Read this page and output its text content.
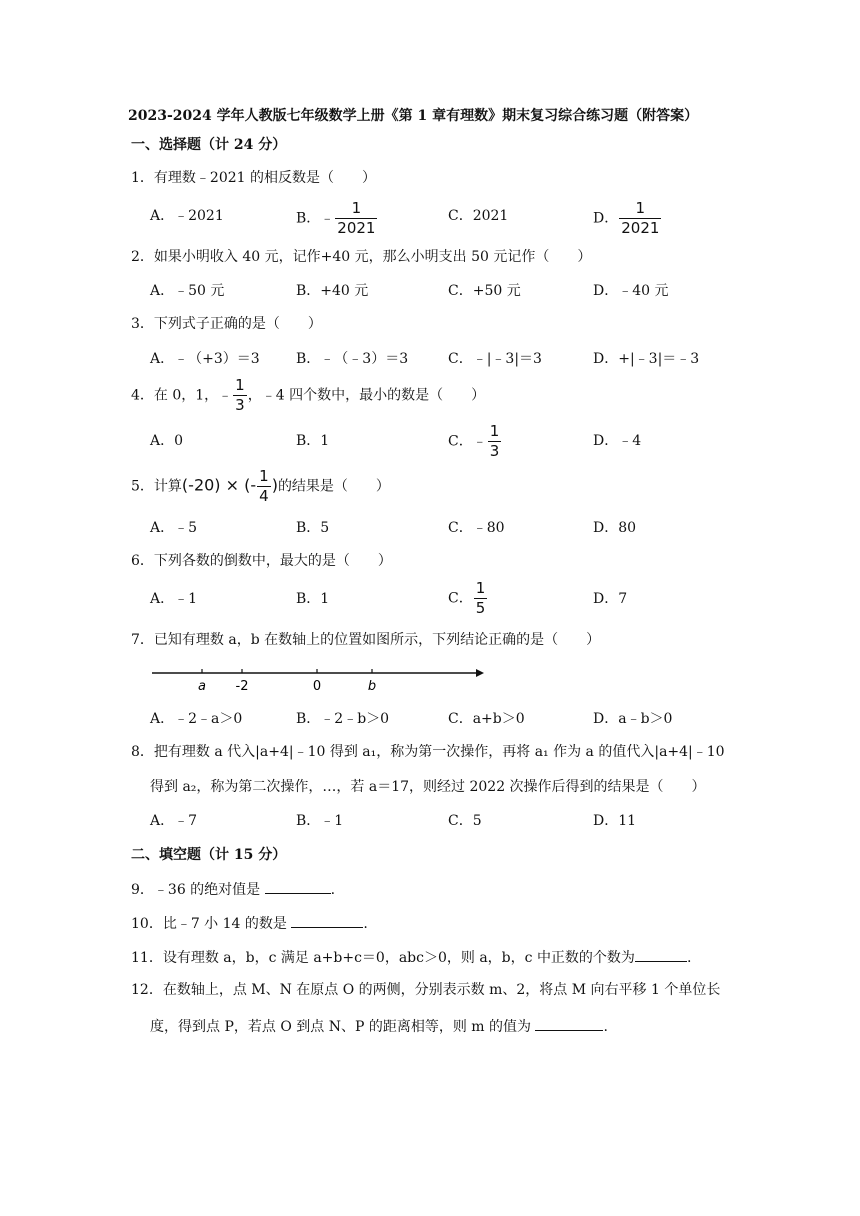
2023-2024 学年人教版七年级数学上册《第 1 章有理数》期末复习综合练习题（附答案）
一、选择题（计 24 分）
1．有理数﹣2021 的相反数是（　　）
A．﹣2021	B．﹣ $\frac{1}{2021}$	C．2021	D． $\frac{1}{2021}$
2．如果小明收入 40 元，记作+40 元，那么小明支出 50 元记作（　　）
A．﹣50 元	B．+40 元	C．+50 元	D．﹣40 元
3．下列式子正确的是（　　）
A．﹣（+3）＝3	B．﹣（﹣3）＝3	C．﹣|﹣3|＝3	D．+|﹣3|＝﹣3
4．在 0，1，﹣ $\frac{1}{3}$ ，﹣4 四个数中，最小的数是（　　）
A．0	B．1	C．﹣ $\frac{1}{3}$	D．﹣4
5．计算(-20) × (- $\frac{1}{4}$ )的结果是（　　）
A．﹣5	B．5	C．﹣80	D．80
6．下列各数的倒数中，最大的是（　　）
A．﹣1	B．1	C． $\frac{1}{5}$	D．7
7．已知有理数 a，b 在数轴上的位置如图所示，下列结论正确的是（　　）
a -2	0	b
A．﹣2﹣a＞0	B．﹣2﹣b＞0	C．a+b＞0	D．a﹣b＞0
8．把有理数 a 代入|a+4|﹣10 得到 a₁，称为第一次操作，再将 a₁ 作为 a 的值代入|a+4|﹣10
得到 a₂，称为第二次操作，…，若 a＝17，则经过 2022 次操作后得到的结果是（　　）
A．﹣7	B．﹣1	C．5	D．11
二、填空题（计 15 分）
9．﹣36 的绝对值是	.
10．比﹣7 小 14 的数是	.
11．设有理数 a，b，c 满足 a+b+c＝0，abc＞0，则 a，b，c 中正数的个数为	.
12．在数轴上，点 M、N 在原点 O 的两侧，分别表示数 m、2，将点 M 向右平移 1 个单位长
度，得到点 P，若点 O 到点 N、P 的距离相等，则 m 的值为	.
